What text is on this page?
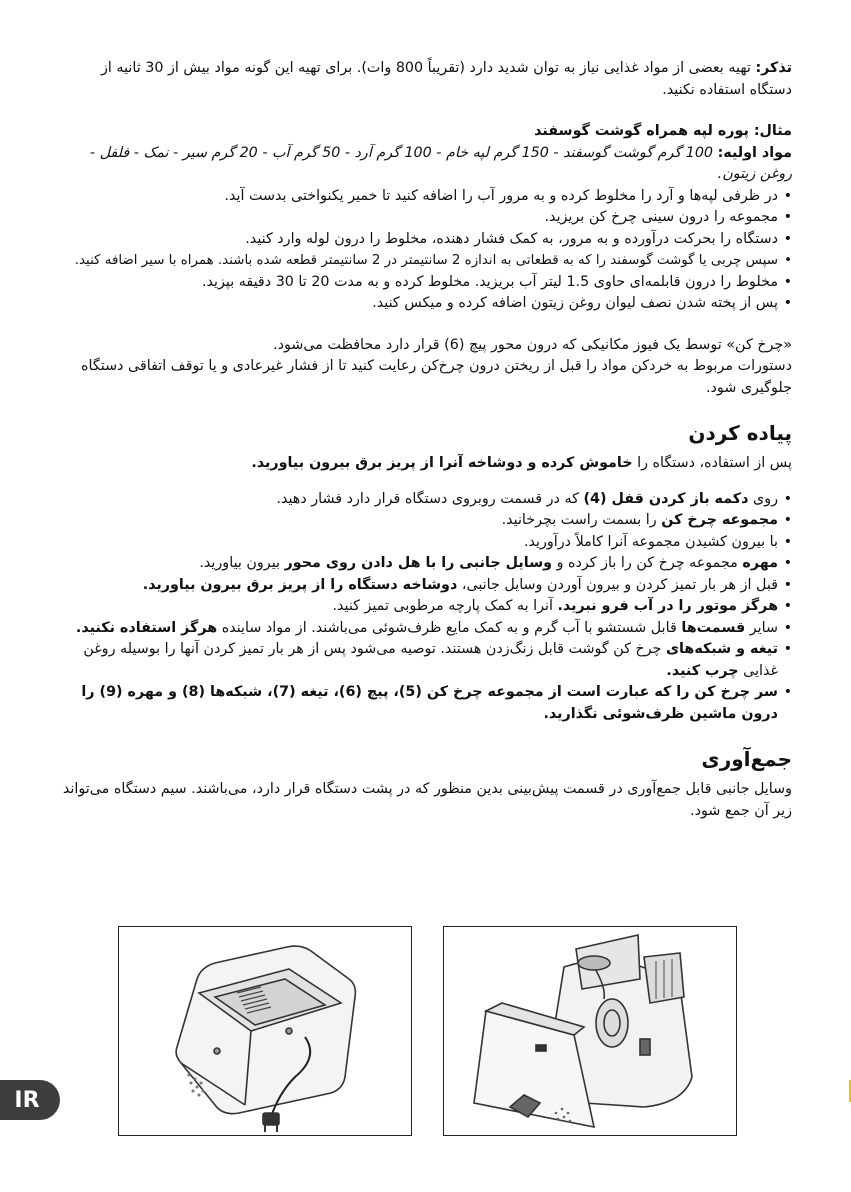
تذکر: تهیه بعضی از مواد غذایی نیاز به توان شدید دارد (تقریباً 800 وات). برای تهیه این گونه مواد بیش از 30 ثانیه از دستگاه استفاده نکنید.

مثال: پوره لپه همراه گوشت گوسفند

مواد اولیه: 100 گرم گوشت گوسفند - 150 گرم لپه خام - 100 گرم آرد - 50 گرم آب - 20 گرم سیر - نمک - فلفل - روغن زیتون.

• در ظرفی لپه‌ها و آرد را مخلوط کرده و به مرور آب را اضافه کنید تا خمیر یکنواختی بدست آید.
• مجموعه را درون سینی چرخ کن بریزید.
• دستگاه را بحرکت درآورده و به مرور، به کمک فشار دهنده، مخلوط را درون لوله وارد کنید.
• سپس چربی یا گوشت گوسفند را که به قطعاتی به اندازه 2 سانتیمتر در 2 سانتیمتر قطعه شده باشند. همراه با سیر اضافه کنید.
• مخلوط را درون قابلمه‌ای حاوی 1.5 لیتر آب بریزید. مخلوط کرده و به مدت 20 تا 30 دقیقه بپزید.
• پس از پخته شدن نصف لیوان روغن زیتون اضافه کرده و میکس کنید.

«چرخ کن» توسط یک فیوز مکانیکی که درون محور پیچ (6) قرار دارد محافظت می‌شود.

دستورات مربوط به خردکن مواد را قبل از ریختن درون چرخ‌کن رعایت کنید تا از فشار غیرعادی و یا توقف اتفاقی دستگاه جلوگیری شود.

پیاده کردن

پس از استفاده، دستگاه را خاموش کرده و دوشاخه آنرا از پریز برق بیرون بیاورید.

• روی دکمه باز کردن قفل (4) که در قسمت روبروی دستگاه قرار دارد فشار دهید.
• مجموعه چرخ کن را بسمت راست بچرخانید.
• با بیرون کشیدن مجموعه آنرا کاملاً درآورید.
• مهره مجموعه چرخ کن را باز کرده و وسایل جانبی را با هل دادن روی محور بیرون بیاورید.
• قبل از هر بار تمیز کردن و بیرون آوردن وسایل جانبی، دوشاخه دستگاه را از پریز برق بیرون بیاورید.
• هرگز موتور را در آب فرو نبرید. آنرا به کمک پارچه مرطوبی تمیز کنید.
• سایر قسمت‌ها قابل شستشو با آب گرم و به کمک مایع ظرف‌شوئی می‌باشند. از مواد ساینده هرگز استفاده نکنید.
• تیغه و شبکه‌های چرخ کن گوشت قابل زنگ‌زدن هستند. توصیه می‌شود پس از هر بار تمیز کردن آنها را بوسیله روغن غذایی چرب کنید.
• سر چرخ کن را که عبارت است از مجموعه چرخ کن (5)، پیچ (6)، تیغه (7)، شبکه‌ها (8) و مهره (9) را درون ماشین ظرف‌شوئی نگذارید.
جمع‌آوری

وسایل جانبی قابل جمع‌آوری در قسمت پیش‌بینی بدین منظور که در پشت دستگاه قرار دارد، می‌باشند. سیم دستگاه می‌تواند زیر آن جمع شود.

IR
